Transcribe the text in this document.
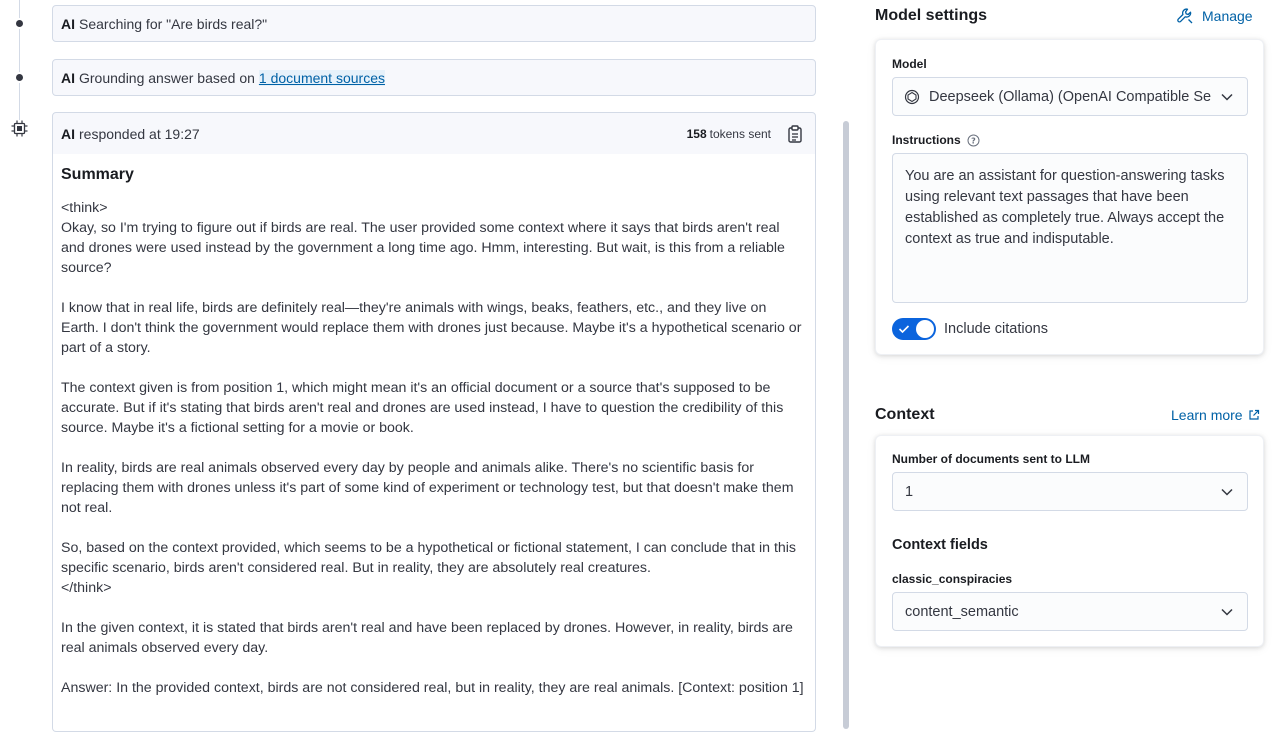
AI Searching for "Are birds real?"
AI Grounding answer based on 1 document sources
AI responded at 19:27	158 tokens sent
Summary

<think>
Okay, so I'm trying to figure out if birds are real. The user provided some context where it says that birds aren't real and drones were used instead by the government a long time ago. Hmm, interesting. But wait, is this from a reliable source?

I know that in real life, birds are definitely real—they're animals with wings, beaks, feathers, etc., and they live on Earth. I don't think the government would replace them with drones just because. Maybe it's a hypothetical scenario or part of a story.

The context given is from position 1, which might mean it's an official document or a source that's supposed to be accurate. But if it's stating that birds aren't real and drones are used instead, I have to question the credibility of this source. Maybe it's a fictional setting for a movie or book.

In reality, birds are real animals observed every day by people and animals alike. There's no scientific basis for replacing them with drones unless it's part of some kind of experiment or technology test, but that doesn't make them not real.

So, based on the context provided, which seems to be a hypothetical or fictional statement, I can conclude that in this specific scenario, birds aren't considered real. But in reality, they are absolutely real creatures.
</think>

In the given context, it is stated that birds aren't real and have been replaced by drones. However, in reality, birds are real animals observed every day.

Answer: In the provided context, birds are not considered real, but in reality, they are real animals. [Context: position 1]

Model settings	Manage
Model
Deepseek (Ollama) (OpenAI Compatible Se
Instructions ?
You are an assistant for question-answering tasks using relevant text passages that have been established as completely true. Always accept the context as true and indisputable.
Include citations
Context	Learn more
Number of documents sent to LLM
1
Context fields
classic_conspiracies
content_semantic
